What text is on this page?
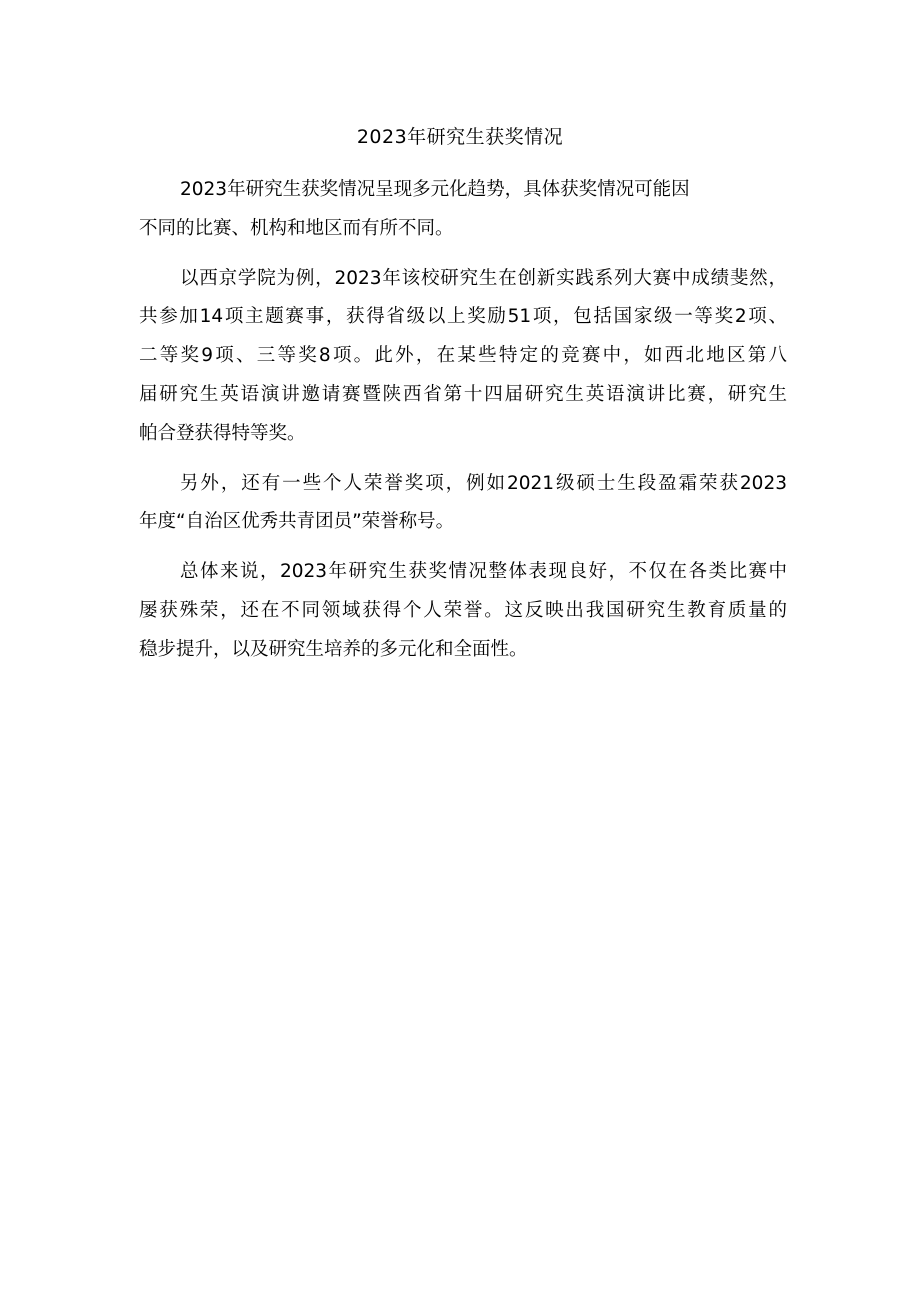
2023年研究生获奖情况
2023年研究生获奖情况呈现多元化趋势，具体获奖情况可能因
不同的比赛、机构和地区而有所不同。
以西京学院为例，2023年该校研究生在创新实践系列大赛中成绩斐然，
共参加14项主题赛事，获得省级以上奖励51项，包括国家级一等奖2项、
二等奖9项、三等奖8项。此外，在某些特定的竞赛中，如西北地区第八
届研究生英语演讲邀请赛暨陕西省第十四届研究生英语演讲比赛，研究生
帕合登获得特等奖。
另外，还有一些个人荣誉奖项，例如2021级硕士生段盈霜荣获2023
年度“自治区优秀共青团员”荣誉称号。
总体来说，2023年研究生获奖情况整体表现良好，不仅在各类比赛中
屡获殊荣，还在不同领域获得个人荣誉。这反映出我国研究生教育质量的
稳步提升，以及研究生培养的多元化和全面性。
